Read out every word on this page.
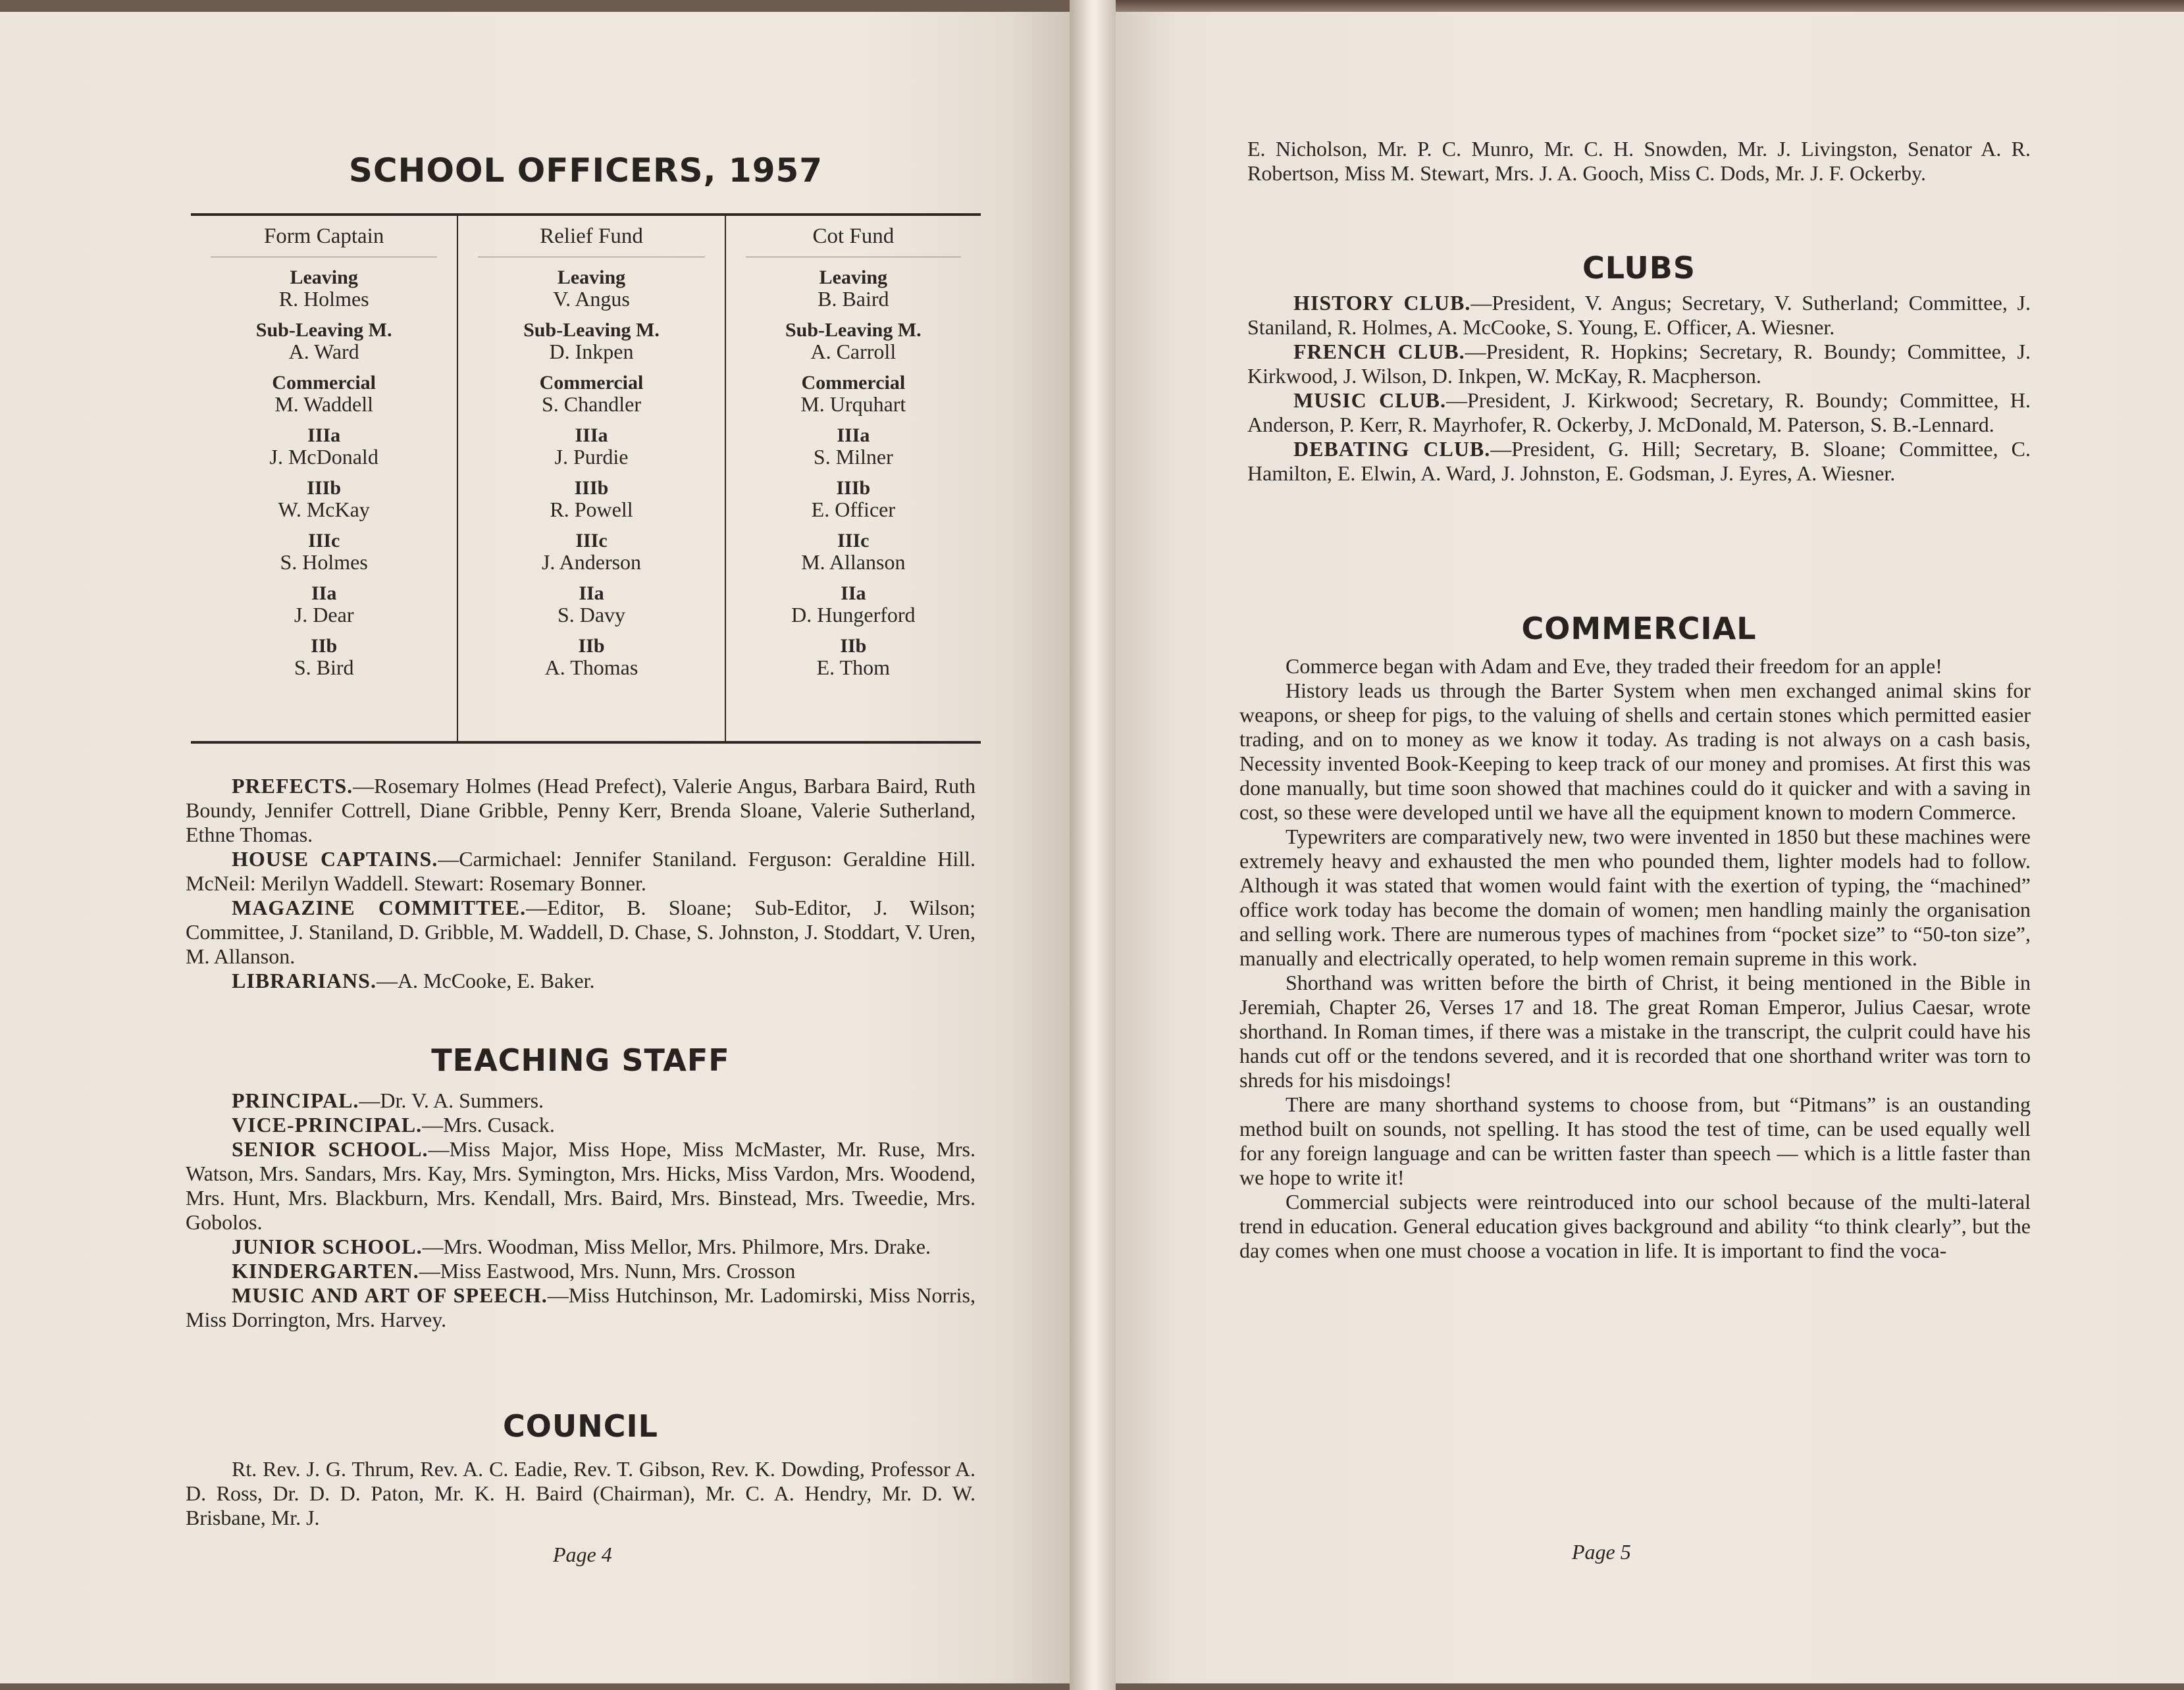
SCHOOL OFFICERS, 1957
Form Captain
Leaving
R. Holmes
Sub-Leaving M.
A. Ward
Commercial
M. Waddell
IIIa
J. McDonald
IIIb
W. McKay
IIIc
S. Holmes
IIa
J. Dear
IIb
S. Bird
Relief Fund
Leaving
V. Angus
Sub-Leaving M.
D. Inkpen
Commercial
S. Chandler
IIIa
J. Purdie
IIIb
R. Powell
IIIc
J. Anderson
IIa
S. Davy
IIb
A. Thomas
Cot Fund
Leaving
B. Baird
Sub-Leaving M.
A. Carroll
Commercial
M. Urquhart
IIIa
S. Milner
IIIb
E. Officer
IIIc
M. Allanson
IIa
D. Hungerford
IIb
E. Thom

PREFECTS.—Rosemary Holmes (Head Prefect), Valerie Angus, Barbara Baird, Ruth Boundy, Jennifer Cottrell, Diane Gribble, Penny Kerr, Brenda Sloane, Valerie Sutherland, Ethne Thomas.

HOUSE CAPTAINS.—Carmichael: Jennifer Staniland. Ferguson: Geraldine Hill. McNeil: Merilyn Waddell. Stewart: Rosemary Bonner.

MAGAZINE COMMITTEE.—Editor, B. Sloane; Sub-Editor, J. Wilson; Committee, J. Staniland, D. Gribble, M. Waddell, D. Chase, S. Johnston, J. Stoddart, V. Uren, M. Allanson.

LIBRARIANS.—A. McCooke, E. Baker.

TEACHING STAFF

PRINCIPAL.—Dr. V. A. Summers.

VICE-PRINCIPAL.—Mrs. Cusack.

SENIOR SCHOOL.—Miss Major, Miss Hope, Miss McMaster, Mr. Ruse, Mrs. Watson, Mrs. Sandars, Mrs. Kay, Mrs. Symington, Mrs. Hicks, Miss Vardon, Mrs. Woodend, Mrs. Hunt, Mrs. Blackburn, Mrs. Kendall, Mrs. Baird, Mrs. Binstead, Mrs. Tweedie, Mrs. Gobolos.

JUNIOR SCHOOL.—Mrs. Woodman, Miss Mellor, Mrs. Philmore, Mrs. Drake.

KINDERGARTEN.—Miss Eastwood, Mrs. Nunn, Mrs. Crosson

MUSIC AND ART OF SPEECH.—Miss Hutchinson, Mr. Ladomirski, Miss Norris, Miss Dorrington, Mrs. Harvey.

COUNCIL

Rt. Rev. J. G. Thrum, Rev. A. C. Eadie, Rev. T. Gibson, Rev. K. Dowding, Professor A. D. Ross, Dr. D. D. Paton, Mr. K. H. Baird (Chairman), Mr. C. A. Hendry, Mr. D. W. Brisbane, Mr. J.

Page 4

E. Nicholson, Mr. P. C. Munro, Mr. C. H. Snowden, Mr. J. Livingston, Senator A. R. Robertson, Miss M. Stewart, Mrs. J. A. Gooch, Miss C. Dods, Mr. J. F. Ockerby.

CLUBS

HISTORY CLUB.—President, V. Angus; Secretary, V. Sutherland; Committee, J. Staniland, R. Holmes, A. McCooke, S. Young, E. Officer, A. Wiesner.

FRENCH CLUB.—President, R. Hopkins; Secretary, R. Boundy; Committee, J. Kirkwood, J. Wilson, D. Inkpen, W. McKay, R. Macpherson.

MUSIC CLUB.—President, J. Kirkwood; Secretary, R. Boundy; Committee, H. Anderson, P. Kerr, R. Mayrhofer, R. Ockerby, J. McDonald, M. Paterson, S. B.-Lennard.

DEBATING CLUB.—President, G. Hill; Secretary, B. Sloane; Committee, C. Hamilton, E. Elwin, A. Ward, J. Johnston, E. Godsman, J. Eyres, A. Wiesner.

COMMERCIAL

Commerce began with Adam and Eve, they traded their freedom for an apple!

History leads us through the Barter System when men exchanged animal skins for weapons, or sheep for pigs, to the valuing of shells and certain stones which permitted easier trading, and on to money as we know it today. As trading is not always on a cash basis, Necessity invented Book-Keeping to keep track of our money and promises. At first this was done manually, but time soon showed that machines could do it quicker and with a saving in cost, so these were developed until we have all the equipment known to modern Commerce.

Typewriters are comparatively new, two were invented in 1850 but these machines were extremely heavy and exhausted the men who pounded them, lighter models had to follow. Although it was stated that women would faint with the exertion of typing, the “machined” office work today has become the domain of women; men handling mainly the organisation and selling work. There are numerous types of machines from “pocket size” to “50-ton size”, manually and electrically operated, to help women remain supreme in this work.

Shorthand was written before the birth of Christ, it being mentioned in the Bible in Jeremiah, Chapter 26, Verses 17 and 18. The great Roman Emperor, Julius Caesar, wrote shorthand. In Roman times, if there was a mistake in the transcript, the culprit could have his hands cut off or the tendons severed, and it is recorded that one shorthand writer was torn to shreds for his misdoings!

There are many shorthand systems to choose from, but “Pitmans” is an oustanding method built on sounds, not spelling. It has stood the test of time, can be used equally well for any foreign language and can be written faster than speech — which is a little faster than we hope to write it!

Commercial subjects were reintroduced into our school because of the multi-lateral trend in education. General education gives background and ability “to think clearly”, but the day comes when one must choose a vocation in life. It is important to find the voca-

Page 5
